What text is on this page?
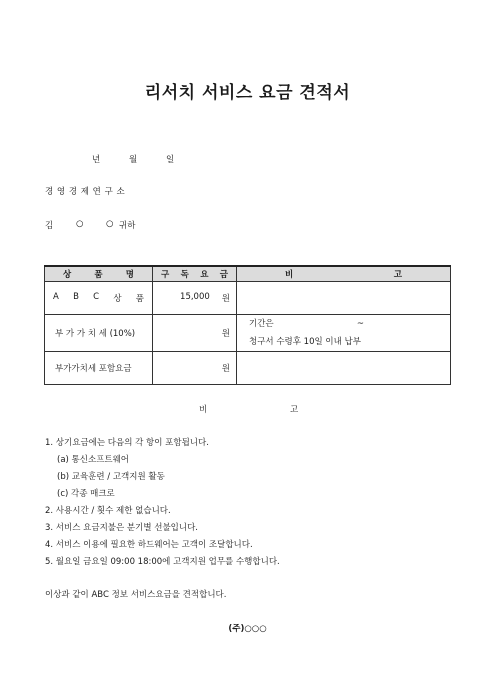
리서치 서비스 요금 견적서
년	월	일
경 영 경 제 연 구 소
김	○	○ 귀하
상 품 명	구 독 요 금	비 고

A B C 상 품	15,000 원	

부 가 가 치 세 (10%)	원	기간은 ~
청구서 수령후 10일 이내 납부

부가가치세 포함요금	원	

비	고
1. 상기요금에는 다음의 각 항이 포함됩니다.
(a) 통신소프트웨어
(b) 교육훈련 / 고객지원 활동
(c) 각종 매크로
2. 사용시간 / 횟수 제한 없습니다.
3. 서비스 요금지불은 분기별 선불입니다.
4. 서비스 이용에 필요한 하드웨어는 고객이 조달합니다.
5. 월요일 금요일 09:00 18:00에 고객지원 업무를 수행합니다.
이상과 같이 ABC 정보 서비스요금을 견적합니다.
(주)○○○
